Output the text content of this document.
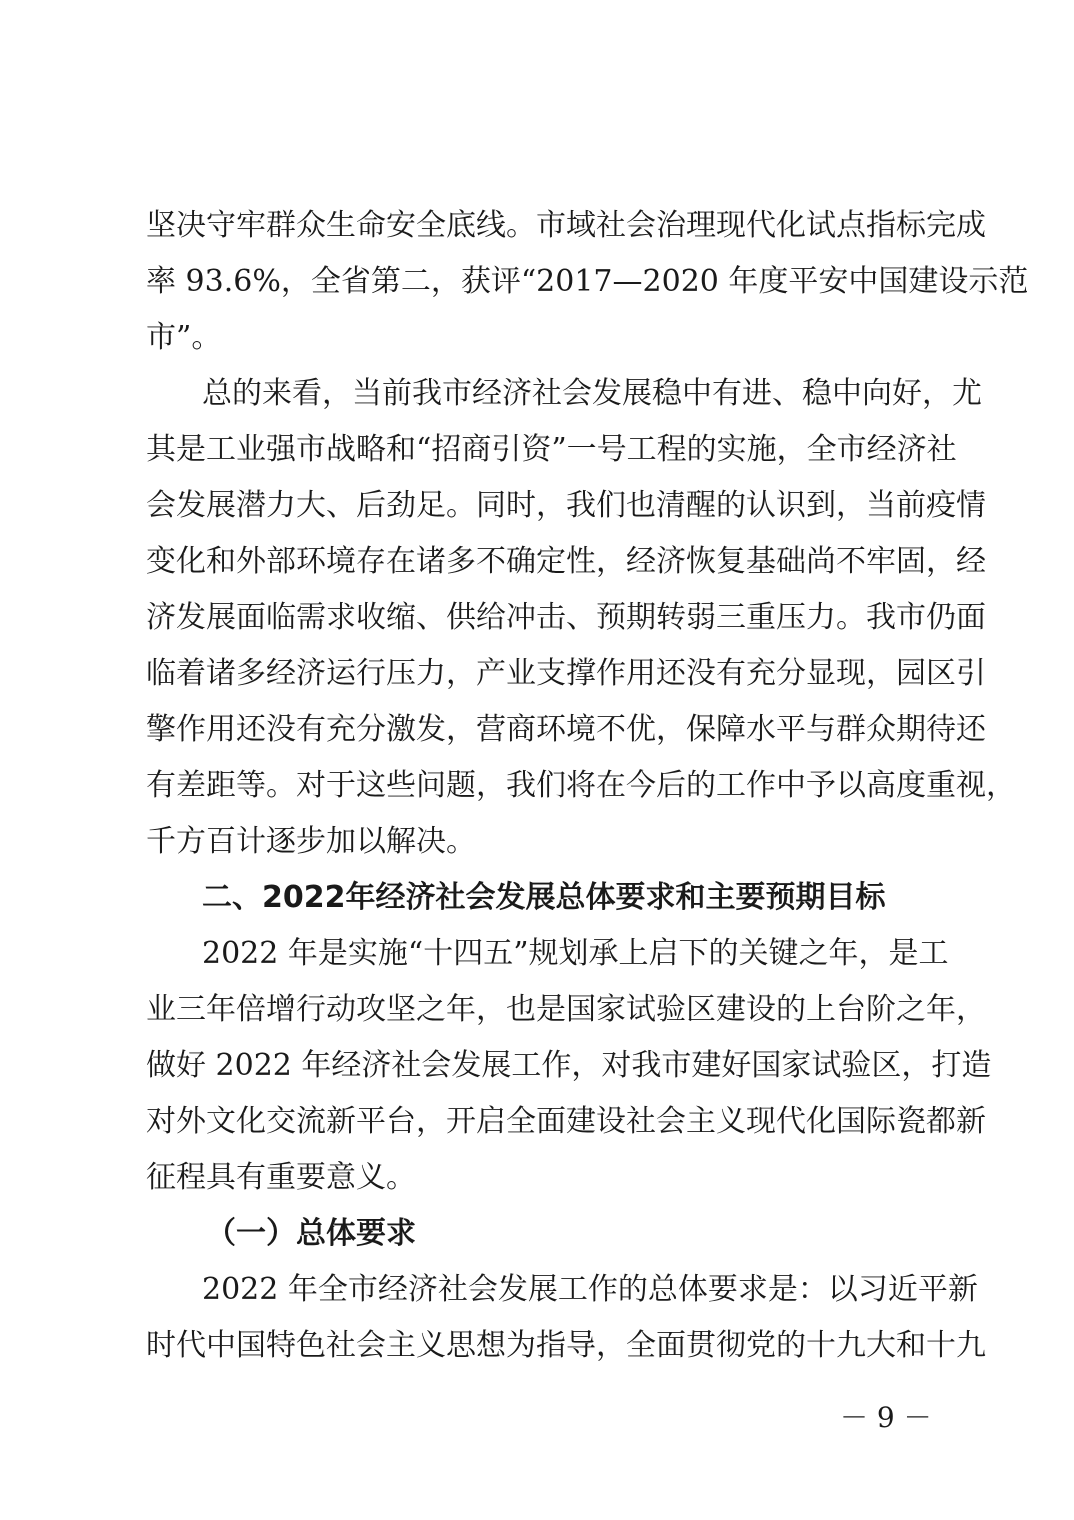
坚决守牢群众生命安全底线。市域社会治理现代化试点指标完成
率 93.6%，全省第二，获评“2017—2020 年度平安中国建设示范
市”。
总的来看，当前我市经济社会发展稳中有进、稳中向好，尤
其是工业强市战略和“招商引资”一号工程的实施，全市经济社
会发展潜力大、后劲足。同时，我们也清醒的认识到，当前疫情
变化和外部环境存在诸多不确定性，经济恢复基础尚不牢固，经
济发展面临需求收缩、供给冲击、预期转弱三重压力。我市仍面
临着诸多经济运行压力，产业支撑作用还没有充分显现，园区引
擎作用还没有充分激发，营商环境不优，保障水平与群众期待还
有差距等。对于这些问题，我们将在今后的工作中予以高度重视，
千方百计逐步加以解决。
二、2022年经济社会发展总体要求和主要预期目标
2022 年是实施“十四五”规划承上启下的关键之年，是工
业三年倍增行动攻坚之年，也是国家试验区建设的上台阶之年，
做好 2022 年经济社会发展工作，对我市建好国家试验区，打造
对外文化交流新平台，开启全面建设社会主义现代化国际瓷都新
征程具有重要意义。
（一）总体要求
2022 年全市经济社会发展工作的总体要求是：以习近平新
时代中国特色社会主义思想为指导，全面贯彻党的十九大和十九
－ 9 －
